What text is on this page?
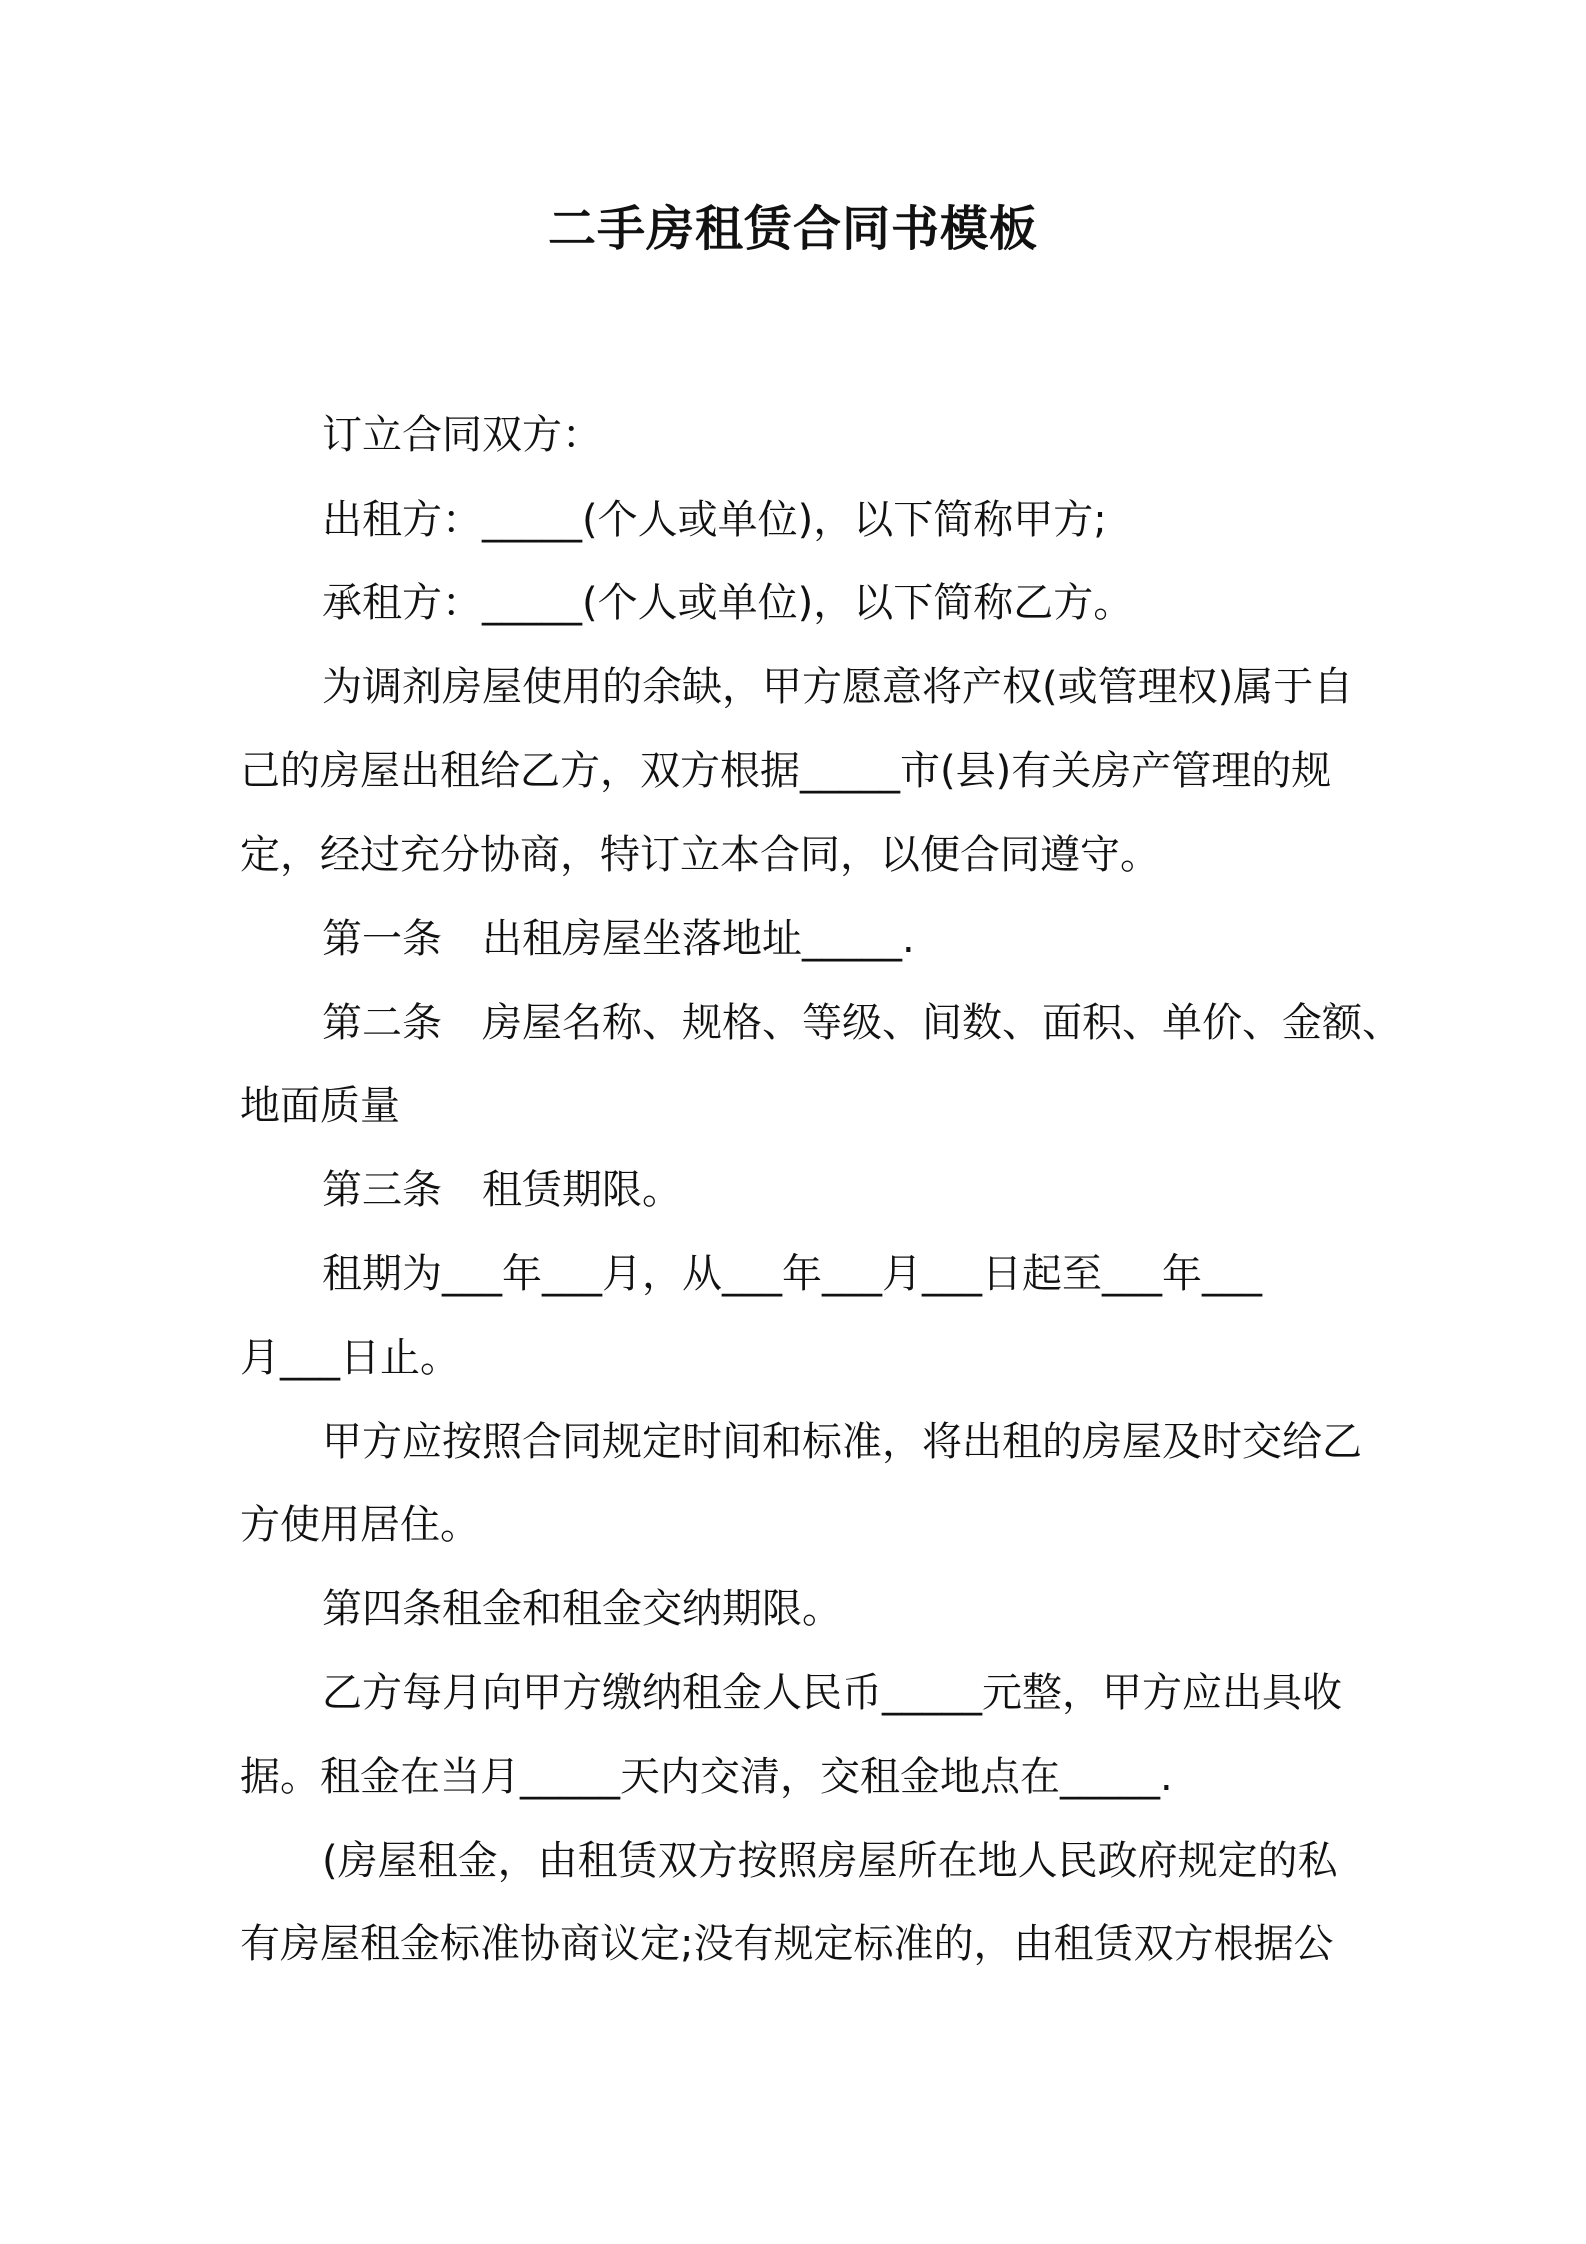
二手房租赁合同书模板
订立合同双方：
出租方：_____(个人或单位)，以下简称甲方;
承租方：_____(个人或单位)，以下简称乙方。
为调剂房屋使用的余缺，甲方愿意将产权(或管理权)属于自
己的房屋出租给乙方，双方根据_____市(县)有关房产管理的规
定，经过充分协商，特订立本合同，以便合同遵守。
第一条　出租房屋坐落地址_____.
第二条　房屋名称、规格、等级、间数、面积、单价、金额、
地面质量
第三条　租赁期限。
租期为___年___月，从___年___月___日起至___年___
月___日止。
甲方应按照合同规定时间和标准，将出租的房屋及时交给乙
方使用居住。
第四条租金和租金交纳期限。
乙方每月向甲方缴纳租金人民币_____元整，甲方应出具收
据。租金在当月_____天内交清，交租金地点在_____.
(房屋租金，由租赁双方按照房屋所在地人民政府规定的私
有房屋租金标准协商议定;没有规定标准的，由租赁双方根据公
